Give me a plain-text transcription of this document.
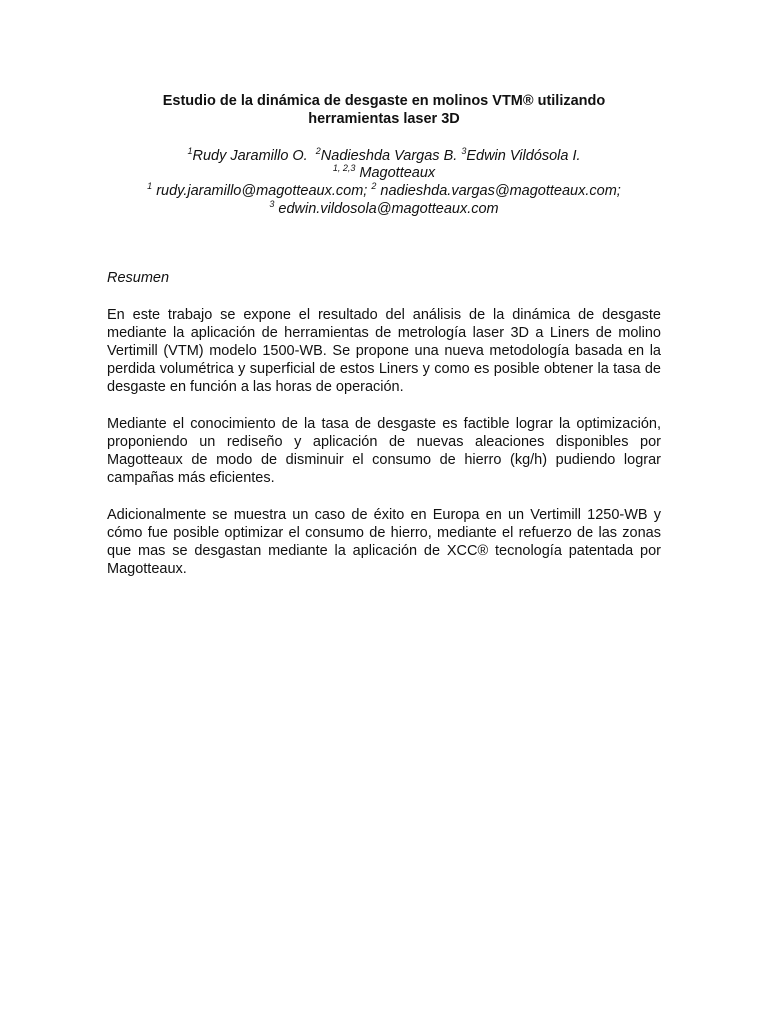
Estudio de la dinámica de desgaste en molinos VTM® utilizando
herramientas laser 3D
$^1$Rudy Jaramillo O. $^2$Nadieshda Vargas B. $^3$Edwin Vildósola I.
$^{1, 2,3}$ Magotteaux
$^1$ rudy.jaramillo@magotteaux.com; $^2$ nadieshda.vargas@magotteaux.com;
$^3$ edwin.vildosola@magotteaux.com
Resumen

En este trabajo se expone el resultado del análisis de la dinámica de desgaste mediante la aplicación de herramientas de metrología laser 3D a Liners de molino Vertimill (VTM) modelo 1500-WB. Se propone una nueva metodología basada en la perdida volumétrica y superficial de estos Liners y como es posible obtener la tasa de desgaste en función a las horas de operación.

Mediante el conocimiento de la tasa de desgaste es factible lograr la optimización, proponiendo un rediseño y aplicación de nuevas aleaciones disponibles por Magotteaux de modo de disminuir el consumo de hierro (kg/h) pudiendo lograr campañas más eficientes.

Adicionalmente se muestra un caso de éxito en Europa en un Vertimill 1250-WB y cómo fue posible optimizar el consumo de hierro, mediante el refuerzo de las zonas que mas se desgastan mediante la aplicación de XCC® tecnología patentada por Magotteaux.
